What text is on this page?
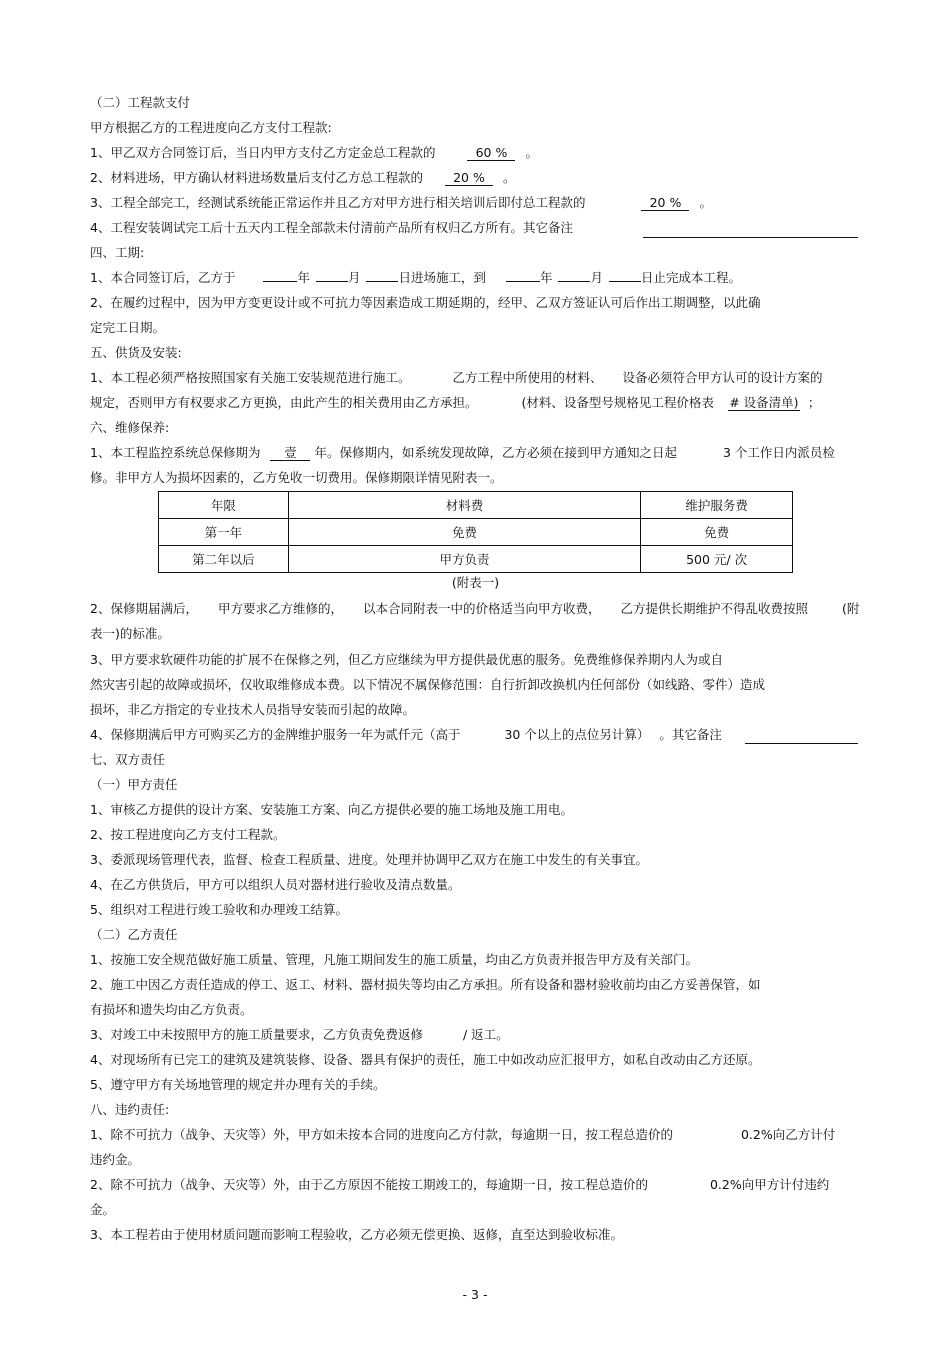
（二）工程款支付
甲方根据乙方的工程进度向乙方支付工程款:
1、甲乙双方合同签订后，当日内甲方支付乙方定金总工程款的	60 % 。
2、材料进场，甲方确认材料进场数量后支付乙方总工程款的 20 % 。
3、工程全部完工，经测试系统能正常运作并且乙方对甲方进行相关培训后即付总工程款的	20 % 。
4、工程安装调试完工后十五天内工程全部款未付清前产品所有权归乙方所有。其它备注
四、工期:
1、本合同签订后，乙方于	年	月	日进场施工，到	年	月	日止完成本工程。
2、在履约过程中，因为甲方变更设计或不可抗力等因素造成工期延期的，经甲、乙双方签证认可后作出工期调整，以此确
定完工日期。
五、供货及安装:
1、本工程必须严格按照国家有关施工安装规范进行施工。	乙方工程中所使用的材料、 设备必须符合甲方认可的设计方案的
规定，否则甲方有权要求乙方更换，由此产生的相关费用由乙方承担。	(材料、设备型号规格见工程价格表 # 设备清单) ；
六、维修保养:
1、本工程监控系统总保修期为 壹 年。保修期内，如系统发现故障，乙方必须在接到甲方通知之日起	3 个工作日内派员检
修。非甲方人为损坏因素的，乙方免收一切费用。保修期限详情见附表一。
年限	材料费	维护服务费
第一年	免费	免费
第二年以后	甲方负责	500 元/ 次
(附表一)
2、保修期届满后， 甲方要求乙方维修的， 以本合同附表一中的价格适当向甲方收费， 乙方提供长期维护不得乱收费按照	(附
表一)的标准。
3、甲方要求软硬件功能的扩展不在保修之列，但乙方应继续为甲方提供最优惠的服务。免费维修保养期内人为或自
然灾害引起的故障或损坏，仅收取维修成本费。以下情况不属保修范围：自行折卸改换机内任何部份（如线路、零件）造成
损坏，非乙方指定的专业技术人员指导安装而引起的故障。
4、保修期满后甲方可购买乙方的金牌维护服务一年为贰仟元（高于	30 个以上的点位另计算） 。其它备注
七、双方责任
（一）甲方责任
1、审核乙方提供的设计方案、安装施工方案、向乙方提供必要的施工场地及施工用电。
2、按工程进度向乙方支付工程款。
3、委派现场管理代表，监督、检查工程质量、进度。处理并协调甲乙双方在施工中发生的有关事宜。
4、在乙方供货后，甲方可以组织人员对器材进行验收及清点数量。
5、组织对工程进行竣工验收和办理竣工结算。
（二）乙方责任
1、按施工安全规范做好施工质量、管理，凡施工期间发生的施工质量，均由乙方负责并报告甲方及有关部门。
2、施工中因乙方责任造成的停工、返工、材料、器材损失等均由乙方承担。所有设备和器材验收前均由乙方妥善保管，如
有损坏和遗失均由乙方负责。
3、对竣工中未按照甲方的施工质量要求，乙方负责免费返修	/ 返工。
4、对现场所有已完工的建筑及建筑装修、设备、器具有保护的责任，施工中如改动应汇报甲方，如私自改动由乙方还原。
5、遵守甲方有关场地管理的规定并办理有关的手续。
八、违约责任:
1、除不可抗力（战争、天灾等）外，甲方如未按本合同的进度向乙方付款，每逾期一日，按工程总造价的	0.2%向乙方计付
违约金。
2、除不可抗力（战争、天灾等）外，由于乙方原因不能按工期竣工的，每逾期一日，按工程总造价的	0.2%向甲方计付违约
金。
3、本工程若由于使用材质问题而影响工程验收，乙方必须无偿更换、返修，直至达到验收标准。
- 3 -
